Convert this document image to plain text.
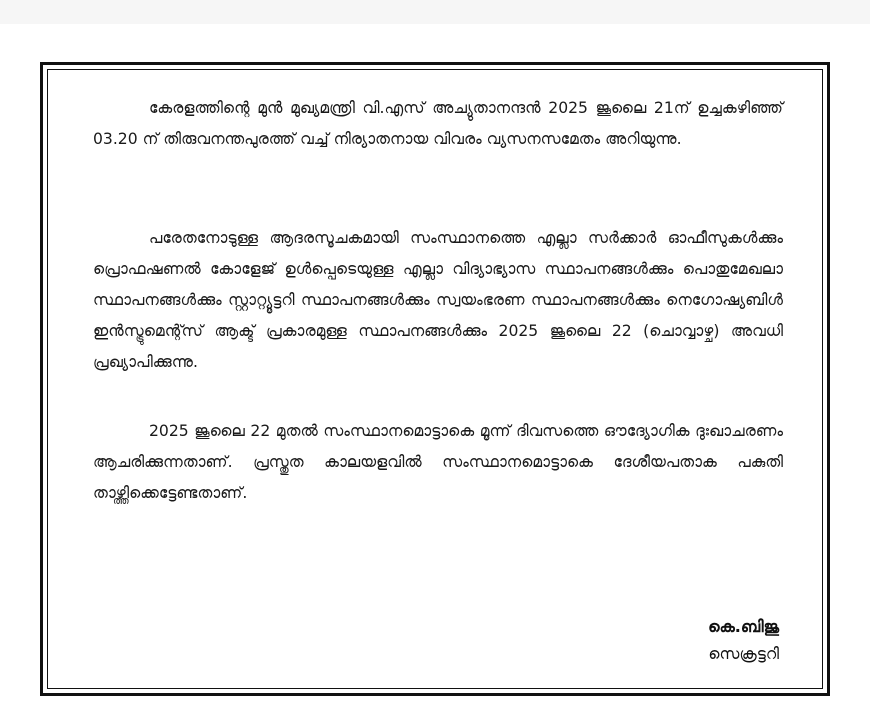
കേരളത്തിന്റെ മുൻ മുഖ്യമന്ത്രി വി.എസ് അച്യുതാനന്ദൻ 2025 ജൂലൈ 21ന് ഉച്ചകഴിഞ്ഞ് 03.20 ന് തിരുവനന്തപുരത്ത് വച്ച് നിര്യാതനായ വിവരം വ്യസനസമേതം അറിയുന്നു.

പരേതനോടുള്ള ആദരസൂചകമായി സംസ്ഥാനത്തെ എല്ലാ സർക്കാർ ഓഫീസുകൾക്കും പ്രൊഫഷണൽ കോളേജ് ഉൾപ്പെടെയുള്ള എല്ലാ വിദ്യാഭ്യാസ സ്ഥാപനങ്ങൾക്കും പൊതുമേഖലാ സ്ഥാപനങ്ങൾക്കും സ്റ്റാറ്റ്യൂട്ടറി സ്ഥാപനങ്ങൾക്കും സ്വയംഭരണ സ്ഥാപനങ്ങൾക്കും നെഗോഷ്യബിൾ ഇൻസ്ട്രുമെന്റ്സ് ആക്ട് പ്രകാരമുള്ള സ്ഥാപനങ്ങൾക്കും 2025 ജൂലൈ 22 (ചൊവ്വാഴ്ച) അവധി പ്രഖ്യാപിക്കുന്നു.

2025 ജൂലൈ 22 മുതൽ സംസ്ഥാനമൊട്ടാകെ മൂന്ന് ദിവസത്തെ ഔദ്യോഗിക ദുഃഖാചരണം ആചരിക്കുന്നതാണ്. പ്രസ്തുത കാലയളവിൽ സംസ്ഥാനമൊട്ടാകെ ദേശീയപതാക പകുതി താഴ്ത്തിക്കെട്ടേണ്ടതാണ്.

കെ.ബിജു
സെക്രട്ടറി
